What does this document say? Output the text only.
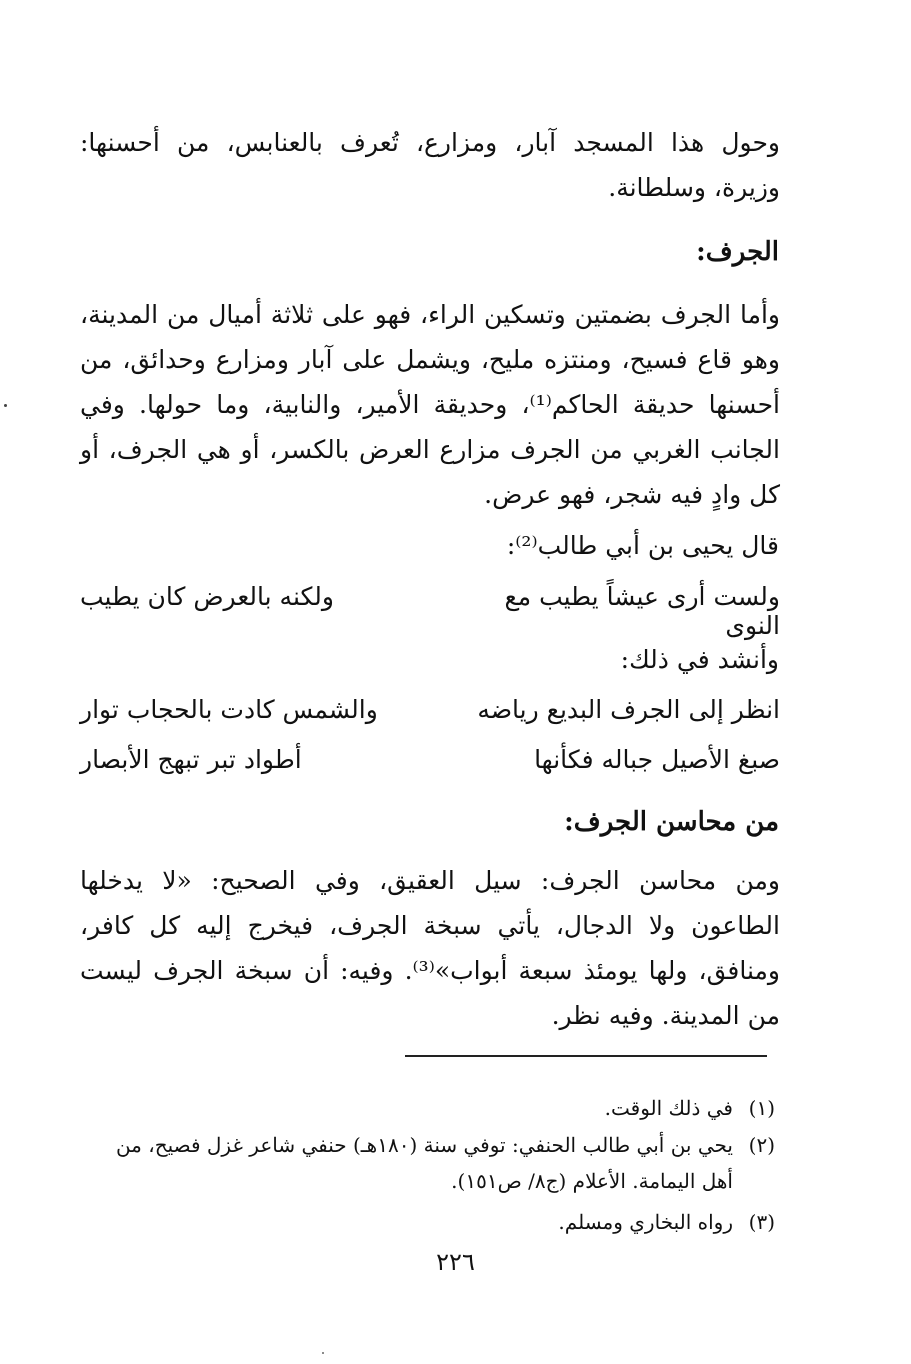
وحول هذا المسجد آبار، ومزارع، تُعرف بالعنابس، من أحسنها: وزيرة، وسلطانة.
الجرف:
وأما الجرف بضمتين وتسكين الراء، فهو على ثلاثة أميال من المدينة، وهو قاع فسيح، ومنتزه مليح، ويشمل على آبار ومزارع وحدائق، من أحسنها حديقة الحاكم⁽¹⁾، وحديقة الأمير، والنابية، وما حولها. وفي الجانب الغربي من الجرف مزارع العرض بالكسر، أو هي الجرف، أو كل وادٍ فيه شجر، فهو عرض.
قال يحيى بن أبي طالب⁽²⁾:
ولست أرى عيشاً يطيب مع النوى
ولكنه بالعرض كان يطيب
وأنشد في ذلك:
انظر إلى الجرف البديع رياضه
والشمس كادت بالحجاب توار
صبغ الأصيل جباله فكأنها
أطواد تبر تبهج الأبصار
من محاسن الجرف:
ومن محاسن الجرف: سيل العقيق، وفي الصحيح: «لا يدخلها الطاعون ولا الدجال، يأتي سبخة الجرف، فيخرج إليه كل كافر، ومنافق، ولها يومئذ سبعة أبواب»⁽³⁾. وفيه: أن سبخة الجرف ليست من المدينة. وفيه نظر.
(١)في ذلك الوقت.
(٢)يحي بن أبي طالب الحنفي: توفي سنة (١٨٠هـ) حنفي شاعر غزل فصيح، من
أهل اليمامة. الأعلام (ج٨/ ص١٥١).
(٣)رواه البخاري ومسلم.
٢٢٦
